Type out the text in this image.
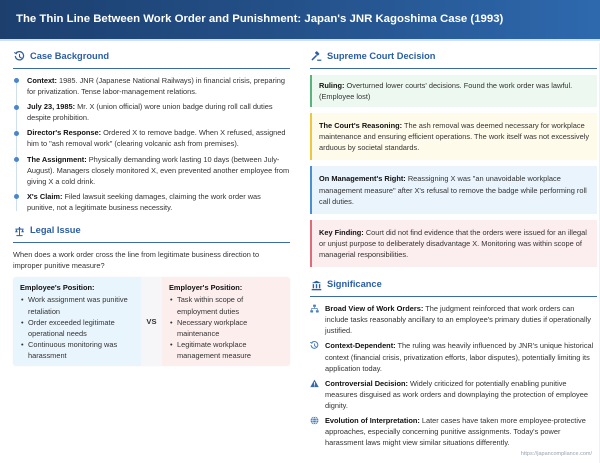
The Thin Line Between Work Order and Punishment: Japan's JNR Kagoshima Case (1993)
Case Background
Context: 1985. JNR (Japanese National Railways) in financial crisis, preparing for privatization. Tense labor-management relations.
July 23, 1985: Mr. X (union official) wore union badge during roll call duties despite prohibition.
Director's Response: Ordered X to remove badge. When X refused, assigned him to "ash removal work" (clearing volcanic ash from premises).
The Assignment: Physically demanding work lasting 10 days (between July-August). Managers closely monitored X, even prevented another employee from giving X a cold drink.
X's Claim: Filed lawsuit seeking damages, claiming the work order was punitive, not a legitimate business necessity.
Legal Issue
When does a work order cross the line from legitimate business direction to improper punitive measure?
Employee's Position:
• Work assignment was punitive retaliation
• Order exceeded legitimate operational needs
• Continuous monitoring was harassment
VS
Employer's Position:
• Task within scope of employment duties
• Necessary workplace maintenance
• Legitimate workplace management measure
Supreme Court Decision
Ruling: Overturned lower courts' decisions. Found the work order was lawful. (Employee lost)
The Court's Reasoning: The ash removal was deemed necessary for workplace maintenance and ensuring efficient operations. The work itself was not excessively arduous by societal standards.
On Management's Right: Reassigning X was "an unavoidable workplace management measure" after X's refusal to remove the badge while performing roll call duties.
Key Finding: Court did not find evidence that the orders were issued for an illegal or unjust purpose to deliberately disadvantage X. Monitoring was within scope of managerial responsibilities.
Significance
Broad View of Work Orders: The judgment reinforced that work orders can include tasks reasonably ancillary to an employee's primary duties if operationally justified.
Context-Dependent: The ruling was heavily influenced by JNR's unique historical context (financial crisis, privatization efforts, labor disputes), potentially limiting its application today.
Controversial Decision: Widely criticized for potentially enabling punitive measures disguised as work orders and downplaying the protection of employee dignity.
Evolution of Interpretation: Later cases have taken more employee-protective approaches, especially concerning punitive assignments. Today's power harassment laws might view similar situations differently.
https://japancompliance.com/
